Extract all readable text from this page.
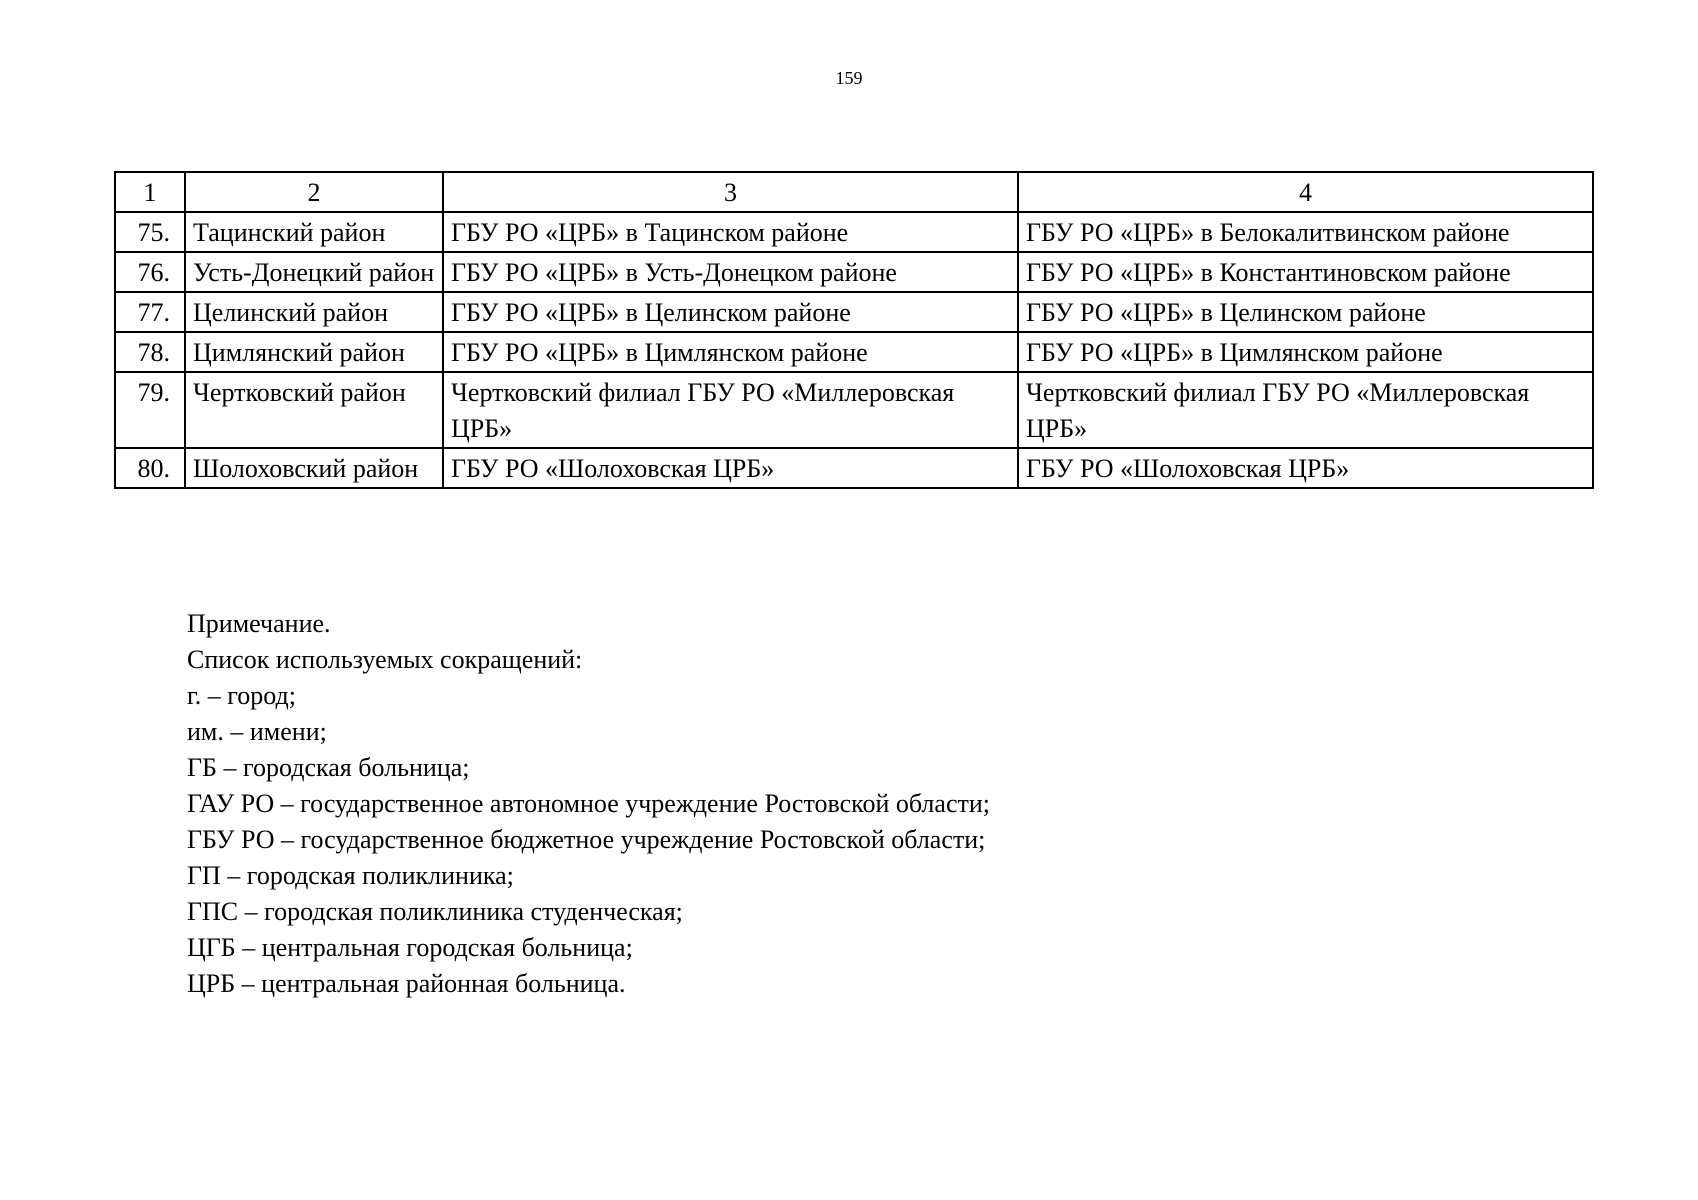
159
1	2	3	4
75.	Тацинский район	ГБУ РО «ЦРБ» в Тацинском районе	ГБУ РО «ЦРБ» в Белокалитвинском районе
76.	Усть-Донецкий район	ГБУ РО «ЦРБ» в Усть-Донецком районе	ГБУ РО «ЦРБ» в Константиновском районе
77.	Целинский район	ГБУ РО «ЦРБ» в Целинском районе	ГБУ РО «ЦРБ» в Целинском районе
78.	Цимлянский район	ГБУ РО «ЦРБ» в Цимлянском районе	ГБУ РО «ЦРБ» в Цимлянском районе
79.	Чертковский район	Чертковский филиал ГБУ РО «Миллеровская ЦРБ»	Чертковский филиал ГБУ РО «Миллеровская ЦРБ»
80.	Шолоховский район	ГБУ РО «Шолоховская ЦРБ»	ГБУ РО «Шолоховская ЦРБ»
Примечание.
Список используемых сокращений:
г. – город;
им. – имени;
ГБ – городская больница;
ГАУ РО – государственное автономное учреждение Ростовской области;
ГБУ РО – государственное бюджетное учреждение Ростовской области;
ГП – городская поликлиника;
ГПС – городская поликлиника студенческая;
ЦГБ – центральная городская больница;
ЦРБ – центральная районная больница.
